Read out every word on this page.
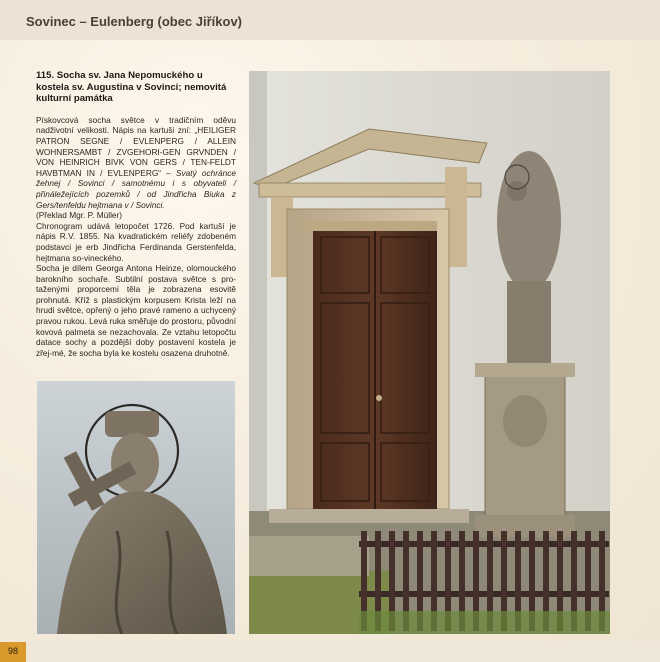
Sovinec – Eulenberg (obec Jiříkov)

115. Socha sv. Jana Nepomuckého u kostela sv. Augustina v Sovinci; nemovitá kulturní památka

Pískovcová socha světce v tradičním oděvu nadživotní velikosti. Nápis na kartuši zní: „HEILIGER PATRON SEGNE / EVLENPERG / ALLEIN WOHNERSAMBT / ZVGEHORI-GEN GRVNDEN / VON HEINRICH BIVK VON GERS / TEN-FELDT HAVBTMAN IN / EVLENPERG“ – Svatý ochránce žehnej / Sovinci / samotnému i s obyvateli / přináležejících pozemků / od Jindřicha Biuka z Gers/tenfeldu hejtmana v / Sovinci.

(Překlad Mgr. P. Müller)

Chronogram udává letopočet 1726. Pod kartuší je nápis R.V. 1855. Na kvadratickém reliéfy zdobeném podstavci je erb Jindřicha Ferdinanda Gerstenfelda, hejtmana so-vineckého.

Socha je dílem Georga Antona Heinze, olomouckého barokního sochaře. Subtilní postava světce s pro-taženými proporcemi těla je zobrazena esovitě prohnutá. Kříž s plastickým korpusem Krista leží na hrudi světce, opřený o jeho pravé rameno a uchycený pravou rukou. Levá ruka směřuje do prostoru, původní kovová palmeta se nezachovala. Ze vztahu letopočtu datace sochy a pozdější doby postavení kostela je zřej-mé, že socha byla ke kostelu osazena druhotně.

98
